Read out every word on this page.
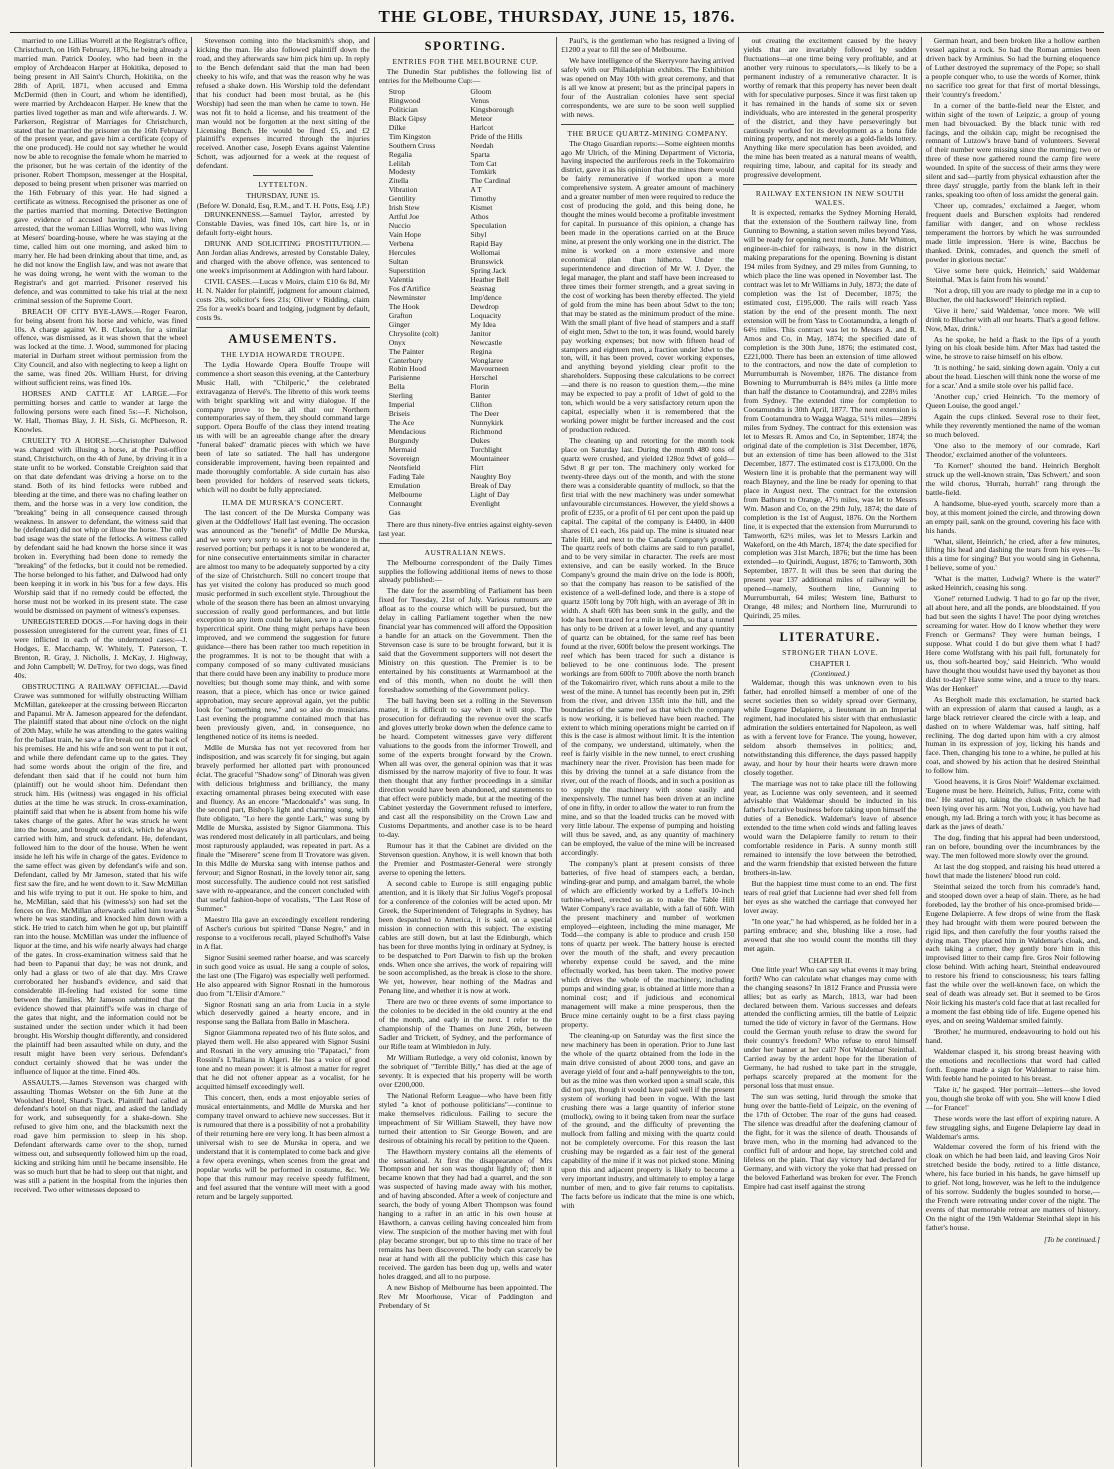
THE GLOBE, THURSDAY, JUNE 15, 1876.

married to one Lillias Worrell at the Registrar's office, Christchurch, on 16th February, 1876, he being already a married man. Patrick Dooley, who had been in the employ of Archdeacon Harper at Hokitika, deposed to being present in All Saint's Church, Hokitika, on the 28th of April, 1871, when accused and Emma McDermid (then in Court, and whom he identified), were married by Archdeacon Harper. He knew that the parties lived together as man and wife afterwards. J. W. Parkerson, Registrar of Marriages for Christchurch, stated that he married the prisoner on the 16th February of the present year, and gave him a certificate (copy of the one produced). He could not say whether he would now be able to recognise the female whom he married to the prisoner, but he was certain of the identity of the prisoner. Robert Thompson, messenger at the Hospital, deposed to being present when prisoner was married on the 16th February of this year. He had signed a certificate as witness. Recognised the prisoner as one of the parties married that morning. Detective Bettington gave evidence of accused having told him, when arrested, that the woman Lillias Worrell, who was living at Mesers' boarding-house, where he was staying at the time, called him out one morning, and asked him to marry her. He had been drinking about that time, and, as he did not know the English law, and was not aware that he was doing wrong, he went with the woman to the Registrar's and got married. Prisoner reserved his defence, and was committed to take his trial at the next criminal session of the Supreme Court.

BREACH OF CITY BYE-LAWS.—Roger Fearon, for being absent from his horse and vehicle, was fined 10s. A charge against W. B. Clarkson, for a similar offence, was dismissed, as it was shown that the wheel was locked at the time. J. Wood, summoned for placing material in Durham street without permission from the City Council, and also with neglecting to keep a light on the same, was fined 20s. William Hurst, for driving without sufficient reins, was fined 10s.

HORSES AND CATTLE AT LARGE.—For permitting horses and cattle to wander at large the following persons were each fined 5s:—F. Nicholson, W. Hall, Thomas Blay, J. H. Sisls, G. McPherson, R. Knowles.

CRUELTY TO A HORSE.—Christopher Dalwood was charged with illusing a horse, at the Post-office stand, Christchurch, on the 4th of June, by driving it in a state unfit to be worked. Constable Creighton said that on that date defendant was driving a horse on to the stand. Both of its hind fetlocks were rubbed and bleeding at the time, and there was no chafing leather on them, and the horse was in a very low condition, the "breaking" being in all consequence caused through weakness. In answer to defendant, the witness said that he (defendant) did not whip or illuse the horse. The only bad usage was the state of the fetlocks. A witness called by defendant said he had known the horse since it was broken in. Everything had been done to remedy the "breaking" of the fetlocks, but it could not be remedied. The horse belonged to his father, and Dalwood had only been keeping it in work in his 'bus for a few days. His Worship said that if no remedy could be effected, the horse must not be worked in its present state. The case would be dismissed on payment of witness's expenses.

UNREGISTERED DOGS.—For having dogs in their possession unregistered for the current year, fines of £1 were inflicted in each of the undernoted cases:—J. Hodges, E. Macchamp, W. Whitely, T. Paterson, T. Brenton, R. Gray, J. Nicholls, J. McKay, J. Highway, and John Campbell; W. DeTroy, for two dogs, was fined 40s.

OBSTRUCTING A RAILWAY OFFICIAL.—David Crawe was summoned for wilfully obstructing William McMillan, gatekeeper at the crossing between Riccarton and Papanui. Mr A. Jameson appeared for the defendant. The plaintiff stated that about nine o'clock on the night of 20th May, while he was attending to the gates waiting for the ballast train, he saw a fire break out at the back of his premises. He and his wife and son went to put it out, and while there defendant came up to the gates. They had some words about the origin of the fire, and defendant then said that if he could not burn him (plaintiff) out he would shoot him. Defendant then struck him. His (witness) was engaged in his official duties at the time he was struck. In cross-examination, plaintiff said that when he is absent from home his wife takes charge of the gates. After he was struck he went into the house, and brought out a stick, which he always carried with him, and struck defendant. He, defendant, followed him to the door of the house. When he went inside he left his wife in charge of the gates. Evidence to the same effect was given by defendant's wife and son. Defendant, called by Mr Jameson, stated that his wife first saw the fire, and he went down to it. Saw McMillan and his wife trying to put it out. He spoke to him, and he, McMillan, said that his (witness's) son had set the fences on fire. McMillan afterwards called him towards where he was standing, and knocked him down with a stick. He tried to catch him when he got up, but plaintiff ran into the house. McMillan was under the influence of liquor at the time, and his wife nearly always had charge of the gates. In cross-examination witness said that he had been to Papanui that day; he was not drunk, and only had a glass or two of ale that day. Mrs Crawe corroborated her husband's evidence, and said that considerable ill-feeling had existed for some time between the families. Mr Jameson submitted that the evidence showed that plaintiff's wife was in charge of the gates that night, and the information could not be sustained under the section under which it had been brought. His Worship thought differently, and considered the plaintiff had been assaulted while on duty, and the result might have been very serious. Defendant's conduct certainly showed that he was under the influence of liquor at the time. Fined 40s.

ASSAULTS.—James Stevenson was charged with assaulting Thomas Webster on the 6th June at the Woolshed Hotel, Shand's Track. Plaintiff had called at defendant's hotel on that night, and asked the landlady for work, and subsequently for a shake-down. She refused to give him one, and the blacksmith next the road gave him permission to sleep in his shop. Defendant afterwards came over to the shop, turned witness out, and subsequently followed him up the road, kicking and striking him until he became insensible. He was so much hurt that he had to sleep out that night, and was still a patient in the hospital from the injuries then received. Two other witnesses deposed to

Stevenson coming into the blacksmith's shop, and kicking the man. He also followed plaintiff down the road, and they afterwards saw him pick him up. In reply to the Bench defendant said that the man had been cheeky to his wife, and that was the reason why he was refused a shake down. His Worship told the defendant that his conduct had been most brutal, as he (his Worship) had seen the man when he came to town. He was not fit to hold a license, and his treatment of the man would not be forgotten at the next sitting of the Licensing Bench. He would be fined £5, and £2 plaintiff's expenses incurred through the injuries received. Another case, Joseph Evans against Valentine Schott, was adjourned for a week at the request of defendant.

LYTTELTON.
THURSDAY, JUNE 15.
(Before W. Donald, Esq, R.M., and T. H. Potts, Esq, J.P.)

DRUNKENNESS.—Samuel Taylor, arrested by Constable Davies, was fined 10s, cart hire 1s, or in default forty-eight hours.

DRUNK AND SOLICITING PROSTITUTION.—Ann Jordan alias Andrews, arrested by Constable Daley, and charged with the above offence, was sentenced to one week's imprisonment at Addington with hard labour.

CIVIL CASES.—Lucas v Moirs, claim £10 6s 8d, Mr H. N. Nalder for plaintiff, judgment for amount claimed, costs 20s, solicitor's fees 21s; Oliver v Ridding, claim 25s for a week's board and lodging, judgment by default, costs 9s.

AMUSEMENTS.
THE LYDIA HOWARDE TROUPE.

The Lydia Howarde Opera Bouffe Troupe will commence a short season this evening, at the Canterbury Music Hall, with "Chilperic," the celebrated extravaganza of Hervé's. The libretto of this work teems with bright sparkling wit and witty dialogue. If the company prove to be all that our Northern contemporaries say of them, they should command large support. Opera Bouffe of the class they intend treating us with will be an agreeable change after the dreary "funeral baked" dramatic pieces with which we have been of late so satiated. The hall has undergone considerable improvement, having been repainted and made thoroughly comfortable. A side curtain has also been provided for holders of reserved seats tickets, which will no doubt be fully appreciated.

ILMA DE MURSKA'S CONCERT.

The last concert of the De Murska Company was given at the Oddfellows' Hall last evening. The occasion was announced as the "benefit" of Mdlle De Murska, and we were very sorry to see a large attendance in the reserved portion; but perhaps it is not to be wondered at, for nine consecutive entertainments similar in character are almost too many to be adequately supported by a city of the size of Christchurch. Still no concert troupe that has yet visited the colony has produced so much good music performed in such excellent style. Throughout the whole of the season there has been an almost unvarying succession of really good performances, and but little exception to any item could be taken, save in a captious hypercritical spirit. One thing might perhaps have been improved, and we commend the suggestion for future guidance—there has been rather too much repetition in the programmes. It is not to be thought that with a company composed of so many cultivated musicians that there could have been any inability to produce more novelties; but though some may think, and with some reason, that a piece, which has once or twice gained approbation, may secure approval again, yet the public look for "something new," and so also do musicians. Last evening the programme contained much that has been previously given, and, in consequence, no lengthened notice of its items is needed.

Mdlle de Murska has not yet recovered from her indisposition, and was scarcely fit for singing, but again bravely performed her allotted part with pronounced éclat. The graceful "Shadow song" of Dinorah was given with delicious brightness and brilliancy, the many exacting ornamental phrases being executed with ease and fluency. As an encore "Macdonald's" was sung. In the second part, Bishop's light and charming song, with flute obligato, "Lo here the gentle Lark," was sung by Mdlle de Murska, assisted by Signor Giammona. This was rendered most delicately in all particulars, and being most rapturously applauded, was repeated in part. As a finale the "Miserere" scene from Il Trovatore was given. In this Mdlle de Murska sang with intense pathos and fervour; and Signor Rosnati, in the lovely tenor air, sang most successfully. The audience could not rest satisfied save with re-appearance, and the concert concluded with that useful fashion-hope of vocalists, "The Last Rose of Summer."

Maestro Illa gave an exceedingly excellent rendering of Ascher's curious but spirited "Danse Negre," and in response to a vociferous recall, played Schulhoff's Valse in A flat.

Signor Susini seemed rather hoarse, and was scarcely in such good voice as usual. He sang a couple of solos, the last one (The Figaro) was especially well performed. He also appeared with Signor Rosnati in the humorous duo from "L'Elisir d'Amore."

Signor Rosnati sang an aria from Lucia in a style which deservedly gained a hearty encore, and in response sang the Ballata from Ballo in Maschera.

Signor Giammona repeated two of his flute solos, and played them well. He also appeared with Signor Susini and Rosnati in the very amusing trio "Papataci," from Rossini's L'Italiana in Algeri. He has a voice of good tone and no mean power: it is almost a matter for regret that he did not oftener appear as a vocalist, for he acquitted himself exceedingly well.

This concert, then, ends a most enjoyable series of musical entertainments, and Mdlle de Murska and her company travel onward to achieve new successes. But it is rumoured that there is a possibility of not a probability of their returning here ere very long. It has been almost a universal wish to see de Murska in opera, and we understand that it is contemplated to come back and give a few opera evenings, when scenes from the great and popular works will be performed in costume, &c. We hope that this rumour may receive speedy fulfilment, and feel assured that the venture will meet with a good return and be largely supported.

SPORTING.
ENTRIES FOR THE MELBOURNE CUP.

The Dunedin Star publishes the following list of entries for the Melbourne Cup:—

Strop
Ringwood
Politician
Black Gipsy
Dilke
Tim Kingston
Southern Cross
Regalia
Lelilah
Modesty
Zitella
Vibration
Gentility
Irish Stew
Artful Joe
Nuccio
Vain Hope
Verbena
Hercules
Sultan
Superstition
Valentia
Fos d'Artifice
Newminster
The Hook
Grafton
Ginger
Chrysolite (colt)
Onyx
The Painter
Canterbury
Robin Hood
Parisienne
Bella
Sterling
Imperial
Briseis
The Ace
Mendacious
Burgundy
Mermaid
Sovereign
Neotsfield
Fading Tale
Emulation
Melbourne
Connaught
Gas
Gloom
Venus
Kingsborough
Meteor
Harlcot
Pride of the Hills
Needah
Sparta
Tom Cat
Tomkirk
The Cardinal
A T
Timothy
Kismet
Athos
Speculation
Sibyl
Rapid Bay
Wollomai
Brunswick
Spring Jack
Heather Bell
Seasnag
Imp'dence
Dewdrop
Loquacity
My Idea
Janitor
Newcastle
Regina
Wonglaree
Mavourneen
Herschel
Florin
Banter
Clifton
The Deer
Nunnykirk
Richmond
Dukes
Torchlight
Mountaineer
Flirt
Naughty Boy
Break of Day
Light of Day
Evenlight

There are thus ninety-five entries against eighty-seven last year.

AUSTRALIAN NEWS.

The Melbourne correspondent of the Daily Times supplies the following additional items of news to those already published:—

The date for the assembling of Parliament has been fixed for Tuesday, 21st of July. Various rumours are afloat as to the course which will be pursued, but the delay in calling Parliament together when the new financial year has commenced will afford the Opposition a handle for an attack on the Government. Then the Stevenson case is sure to be brought forward, but it is said that the Government supporters will not desert the Ministry on this question. The Premier is to be entertained by his constituents at Warrnambool at the end of this month, when no doubt he will then foreshadow something of the Government policy.

The ball having been set a rolling in the Stevenson matter, it is difficult to say when it will stop. The prosecution for defrauding the revenue over the scarfs and gloves utterly broke down when the defence came to be heard. Competent witnesses gave very different valuations to the goods from the informer Trowell, and some of the experts brought forward by the Crown. When all was over, the general opinion was that it was dismissed by the narrow majority of five to four. It was then thought that any further proceedings in a similar direction would have been abandoned, and statements to that effect were publicly made, but at the meeting of the Cabinet yesterday the Government refused to interfere, and cast all the responsibility on the Crown Law and Customs Departments, and another case is to be heard to-day.

Rumour has it that the Cabinet are divided on the Stevenson question. Anyhow, it is well known that both the Premier and Postmaster-General were strongly averse to opening the letters.

A second cable to Europe is still engaging public attention, and it is likely that Sir Julius Vogel's proposal for a conference of the colonies will be acted upon. Mr Greek, the Superintendent of Telegraphs in Sydney, has been despatched to America, it is said, on a special mission in connection with this subject. The existing cables are still down, but at last the Edinburgh, which has been for three months lying in ordinary at Sydney, is to be despatched to Port Darwin to fish up the broken ends. When once she arrives, the work of repairing will be soon accomplished, as the break is close to the shore. We yet, however, hear nothing of the Madras and Penang line, and whether it is now at work.

There are two or three events of some importance to the colonies to be decided in the old country at the end of the month, and early in the next. I refer to the championship of the Thames on June 26th, between Sadler and Trickett, of Sydney, and the performance of our Rifle team at Wimbledon in July.

Mr William Rutledge, a very old colonist, known by the sobriquet of "Terrible Billy," has died at the age of seventy. It is expected that his property will be worth over £200,000.

The National Reform League—who have been fitly styled "a knot of pothouse politicians"—continue to make themselves ridiculous. Failing to secure the impeachment of Sir William Stawell, they have now turned their attention to Sir George Bowen, and are desirous of obtaining his recall by petition to the Queen.

The Hawthorn mystery contains all the elements of the sensational. At first the disappearance of Mrs Thompson and her son was thought lightly of; then it became known that they had had a quarrel, and the son was suspected of having made away with his mother, and of having absconded. After a week of conjecture and search, the body of young Albert Thompson was found hanging to a rafter in an attic in his own house at Hawthorn, a canvas ceiling having concealed him from view. The suspicion of the mother having met with foul play became stronger, but up to this time no trace of her remains has been discovered. The body can scarcely be near at hand with all the publicity which this case has received. The garden has been dug up, wells and water holes dragged, and all to no purpose.

A new Bishop of Melbourne has been appointed. The Rev Mr Moorhouse, Vicar of Paddington and Prebendary of St

Paul's, is the gentleman who has resigned a living of £1200 a year to fill the see of Melbourne.

We have intelligence of the Skerryvore having arrived safely with our Philadelphian exhibits. The Exhibition was opened on May 10th with great ceremony, and that is all we know at present; but as the principal papers in four of the Australian colonies have sent special correspondents, we are sure to be soon well supplied with news.

THE BRUCE QUARTZ-MINING COMPANY.

The Otago Guardian reports:—Some eighteen months ago Mr Ulrich, of the Mining Department of Victoria, having inspected the auriferous reefs in the Tokomairiro district, gave it as his opinion that the mines there would be fairly remunerative if worked upon a more comprehensive system. A greater amount of machinery and a greater number of men were required to reduce the cost of producing the gold, and this being done, he thought the mines would become a profitable investment for capital. In pursuance of this opinion, a change has been made in the operations carried on at the Bruce mine, at present the only working one in the district. The mine is worked on a more extensive and more economical plan than hitherto. Under the superintendence and direction of Mr W. J. Dyer, the legal manager, the plant and staff have been increased to three times their former strength, and a great saving in the cost of working has been thereby effected. The yield of gold from the mine has been about 5dwt to the ton; that may be stated as the minimum product of the mine. With the small plant of five head of stampers and a staff of eight men, 5dwt to the ton, it was found, would barely pay working expenses; but now with fifteen head of stampers and eighteen men, a fraction under 3dwt to the ton, will, it has been proved, cover working expenses, and anything beyond yielding clear profit to the shareholders. Supposing these calculations to be correct—and there is no reason to question them,—the mine may be expected to pay a profit of 1dwt of gold to the ton, which would be a very satisfactory return upon the capital, especially when it is remembered that the working power might be further increased and the cost of production reduced.

The cleaning up and retorting for the month took place on Saturday last. During the month 480 tons of quartz were crushed, and yielded 128oz 9dwt of gold—5dwt 8 gr per ton. The machinery only worked for twenty-three days out of the month, and with the stone there was a considerable quantity of mullock, so that the first trial with the new machinery was under somewhat unfavourable circumstances. However, the yield shows a profit of £235, or a profit of 61 per cent upon the paid up capital. The capital of the company is £4400, in 4400 shares of £1 each, 16s paid up. The mine is situated near Table Hill, and next to the Canada Company's ground. The quartz reefs of both claims are said to run parallel, and to be very similar in character. The reefs are most extensive, and can be easily worked. In the Bruce Company's ground the main drive on the lode is 800ft, so that the company has reason to be satisfied of the existence of a well-defined lode, and there is a stope of quartz 150ft long by 70ft high, with an average of 3ft in width. A shaft 60ft has been sunk in the gully, and the lode has been traced for a mile in length, so that a tunnel has only to be driven at a lower level, and any quantity of quartz can be obtained, for the same reef has been found at the river, 600ft below the present workings. The reef which has been traced for such a distance is believed to be one continuous lode. The present workings are from 600ft to 700ft above the north branch of the Tokomairiro river, which runs about a mile to the west of the mine. A tunnel has recently been put in, 29ft from the river, and driven 135ft into the hill, and the boundaries of the same reef as that which the company is now working, it is believed have been reached. The extent to which mining operations might be carried on if this is the case is almost without limit. It is the intention of the company, we understand, ultimately, when the reef is fairly visible in the new tunnel, to erect crushing machinery near the river. Provision has been made for this by driving the tunnel at a safe distance from the river, out of the reach of floods, and in such a position as to supply the machinery with stone easily and inexpensively. The tunnel has been driven at an incline of one in fifty, in order to allow the water to run from the mine, and so that the loaded trucks can be moved with very little labour. The expense of pumping and hoisting will thus be saved, and, as any quantity of machinery can be employed, the value of the mine will be increased accordingly.

The company's plant at present consists of three batteries, of five head of stampers each, a berdan, winding-gear and pump, and amalgam barrel, the whole of which are efficiently worked by a Leffel's 10-inch turbine-wheel, erected so as to make the Table Hill Water Company's race available, with a fall of 60ft. With the present machinery and number of workmen employed—eighteen, including the mine manager, Mr Todd—the company is able to produce and crush 150 tons of quartz per week. The battery house is erected over the mouth of the shaft, and every precaution whereby expense could be saved, and the mine effectually worked, has been taken. The motive power which drives the whole of the machinery, including pumps and winding gear, is obtained at little more than a nominal cost; and if judicious and economical management will make a mine prosperous, then the Bruce mine certainly ought to be a first class paying property.

The cleaning-up on Saturday was the first since the new machinery has been in operation. Prior to June last the whole of the quartz obtained from the lode in the main drive consisted of about 2000 tons, and gave an average yield of four and a-half pennyweights to the ton, but as the mine was then worked upon a small scale, this did not pay, though it would have paid well if the present system of working had been in vogue. With the last crushing there was a large quantity of inferior stone (mullock), owing to it being taken from near the surface of the ground, and the difficulty of preventing the mullock from falling and mixing with the quartz could not be completely overcome. For this reason the last crushing may be regarded as a fair test of the general capability of the mine if it was not picked stone. Mining upon this and adjacent property is likely to become a very important industry, and ultimately to employ a large number of men, and to give fair returns to capitalists. The facts before us indicate that the mine is one which, with

out creating the excitement caused by the heavy yields that are invariably followed by sudden fluctuations—at one time being very profitable, and at another very ruinous to speculators,—is likely to be a permanent industry of a remunerative character. It is worthy of remark that this property has never been dealt with for speculative purposes. Since it was first taken up it has remained in the hands of some six or seven individuals, who are interested in the general prosperity of the district, and they have perseveringly but cautiously worked for its development as a bona fide mining property, and not merely as a gold-fields lottery. Anything like mere speculation has been avoided, and the mine has been treated as a natural means of wealth, requiring time, labour, and capital for its steady and progressive development.

RAILWAY EXTENSION IN NEW SOUTH WALES.

It is expected, remarks the Sydney Morning Herald, that the extension of the Southern railway line, from Gunning to Bowning, a station seven miles beyond Yass, will be ready for opening next month, June. Mr Whitton, engineer-in-chief for railways, is now in the district making preparations for the opening. Bowning is distant 194 miles from Sydney, and 29 miles from Gunning, to which place the line was opened in November last. The contract was let to Mr Williams in July, 1873; the date of completion was the 1st of December, 1875; the estimated cost, £195,000. The rails will reach Yass station by the end of the present month. The next extension will be from Yass to Cootamundra, a length of 64½ miles. This contract was let to Messrs A. and R. Amos and Co, in May, 1874; the specified date of completion is the 30th June, 1876; the estimated cost, £221,000. There has been an extension of time allowed to the contractors, and now the date of completion to Murrumburrah is November, 1876. The distance from Bowning to Murrumburrah is 84½ miles (a little more than half the distance to Cootamundra), and 228½ miles from Sydney. The extended time for completion to Cootamundra is 30th April, 1877. The next extension is from Cootamundra to Wagga Wagga, 51¼ miles—289¾ miles from Sydney. The contract for this extension was let to Messrs R. Amos and Co, in September, 1874; the original date of the completion is 31st December, 1876, but an extension of time has been allowed to the 31st December, 1877. The estimated cost is £173,000. On the Western line it is probable that the permanent way will reach Blayney, and the line be ready for opening to that place in August next. The contract for the extension from Bathurst to Orange, 47½ miles, was let to Messrs Wm. Mason and Co, on the 29th July, 1874; the date of completion is the 1st of August, 1876. On the Northern line, it is expected that the extension from Murrurundi to Tamworth, 62½ miles, was let to Messrs Larkin and Wakeford, on the 4th March, 1874; the date specified for completion was 31st March, 1876; but the time has been extended—to Quirindi, August, 1876; to Tamworth, 30th September, 1877. It will thus be seen that during the present year 137 additional miles of railway will be opened—namely, Southern line, Gunning to Murrumburrah, 64 miles; Western line, Bathurst to Orange, 48 miles; and Northern line, Murrurundi to Quirindi, 25 miles.

LITERATURE.
STRONGER THAN LOVE.
CHAPTER I.
(Continued.)

Waldemar, though this was unknown even to his father, had enrolled himself a member of one of the secret societies then so widely spread over Germany, while Eugene Delapierre, a lieutenant in an Imperial regiment, had inoculated his sister with that enthusiastic admiration the soldiers entertained for Napoleon, as well as with a fervent love for France. The young, however, seldom absorb themselves in politics; and, notwithstanding this difference, the days passed happily away, and hour by hour their hearts were drawn more closely together.

The marriage was not to take place till the following year, as Lucienne was only seventeen, and it seemed advisable that Waldemar should be inducted in his father's lucrative business before taking upon himself the duties of a Benedick. Waldemar's leave of absence extended to the time when cold winds and falling leaves would warn the Delapierre family to return to their comfortable residence in Paris. A sunny month still remained to intensify the love between the betrothed, and the warm friendship that existed between the future brothers-in-law.

But the happiest time must come to an end. The first tears of real grief that Lucienne had ever shed fell from her eyes as she watched the carriage that conveyed her lover away.

"In one year," he had whispered, as he folded her in a parting embrace; and she, blushing like a rose, had avowed that she too would count the months till they met again.

CHAPTER II.

One little year! Who can say what events it may bring forth? Who can calculate what changes may come with the changing seasons? In 1812 France and Prussia were allies; but as early as March, 1813, war had been declared between them. Various successes and defeats attended the conflicting armies, till the battle of Leipzic turned the tide of victory in favor of the Germans. How could the German youth refuse to draw the sword for their country's freedom? Who refuse to enrol himself under her banner at her call? Not Waldemar Steinthal. Carried away by the ardent hope for the liberation of Germany, he had rushed to take part in the struggle, perhaps scarcely prepared at the moment for the personal loss that must ensue.

The sun was setting, lurid through the smoke that hung over the battle-field of Leipzic, on the evening of the 17th of October. The roar of the guns had ceased. The silence was dreadful after the deafening clamour of the fight, for it was the silence of death. Thousands of brave men, who in the morning had advanced to the conflict full of ardour and hope, lay stretched cold and lifeless on the plain. That day victory had declared for Germany, and with victory the yoke that had pressed on the beloved Fatherland was broken for ever. The French Empire had cast itself against the strong

German heart, and been broken like a hollow earthen vessel against a rock. So had the Roman armies been driven back by Arminius. So had the burning eloquence of Luther destroyed the supremacy of the Pope; so shall a people conquer who, to use the words of Korner, think no sacrifice too great for that first of mortal blessings, their 'country's freedom.'

In a corner of the battle-field near the Elster, and within sight of the town of Leipzic, a group of young men had bivouacked. By the black tunic with red facings, and the oilskin cap, might be recognised the remnant of Lutzow's brave band of volunteers. Several of their number were missing since the morning; two or three of these now gathered round the camp fire were wounded. In spite of the success of their arms they were silent and sad—partly from physical exhaustion after the three days' struggle, partly from the blank left in their ranks, speaking too often of loss amidst the general gain.

'Cheer up, comrades,' exclaimed a Jaeger, whom frequent duels and Burschen exploits had rendered familiar with danger, and on whose reckless temperament the horrors by which he was surrounded made little impression. 'Here is wine, Bacchus be thanked. Drink, comrades, and quench the smell of powder in glorious nectar.'

'Give some here quick, Heinrich,' said Waldemar Steinthal. 'Max is faint from his wound.'

'Not a drop, till you are ready to pledge me in a cup to Blucher, the old hacksword!' Heinrich replied.

'Give it here,' said Waldemar, 'once more. 'We will drink to Blucher with all our hearts. That's a good fellow. Now, Max, drink.'

As he spoke, he held a flask to the lips of a youth lying on his cloak beside him. After Max had tasted the wine, he strove to raise himself on his elbow.

'It is nothing,' he said, sinking down again. 'Only a cut about the head. Lieschen will think none the worse of me for a scar.' And a smile stole over his pallid face.

'Another cup,' cried Heinrich. 'To the memory of Queen Louise, the good angel.'

Again the cups clinked. Several rose to their feet, while they reverently mentioned the name of the woman so much beloved.

'One also to the memory of our comrade, Karl Theodor,' exclaimed another of the volunteers.

'To Korner!' shouted the band. Heinrich Bergholt struck up the well-known strain, 'Das Schwert,' and soon the wild chorus, 'Hurrah, hurrah!' rang through the battle-field.

A handsome, blue-eyed youth, scarcely more than a boy, at this moment joined the circle, and throwing down an empty pail, sank on the ground, covering his face with his hands.

'What, silent, Heinrich,' he cried, after a few minutes, lifting his head and dashing the tears from his eyes—'Is this a time for singing? But you would sing in Gehenna, I believe, some of you.'

'What is the matter, Ludwig? Where is the water?' asked Heinrich, ceasing his song.

'Gone!' returned Ludwig. 'I had to go far up the river, all about here, and all the ponds, are bloodstained. If you had but seen the sights I have! The poor dying wretches screaming for water. How do I know whether they were French or Germans? They were human beings, I suppose. What could I do but give them what I had? Here come Wolfstang with his pail full, fortunately for us, thou soft-hearted boy,' said Heinrich. 'Who would have thought thou wouldst have used thy bayonet as thou didst to-day? Have some wine, and a truce to thy tears. Was der Henker!'

As Bergholt made this exclamation, he started back with an expression of alarm that caused a laugh, as a large black retriever cleared the circle with a leap, and dashed on to where Waldemar was, half sitting, half reclining. The dog darted upon him with a cry almost human in its expression of joy, licking his hands and face. Then, changing his tone to a whine, he pulled at his coat, and showed by his action that he desired Steinthal to follow him.

'Good heavens, it is Gros Noir!' Waldemar exclaimed. 'Eugene must be here. Heinrich, Julius, Fritz, come with me.' He started up, taking the cloak on which he had been lying over his arm. 'Not you, Ludwig, you have had enough, my lad. Bring a torch with you; it has become as dark as the jaws of death.'

The dog, finding that his appeal had been understood, ran on before, bounding over the incumbrances by the way. The men followed more slowly over the ground.

At last the dog stopped, and raising his head uttered a howl that made the listeners' blood run cold.

Steinthal seized the torch from his comrade's hand, and stooped down over a heap of slain. There, as he had foreboded, lay the brother of his once-promised bride—Eugene Delapierre. A few drops of wine from the flask they had brought with them were poured between the rigid lips, and then carefully the four youths raised the dying man. They placed him in Waldemar's cloak, and, each taking a corner, they gently bore him in this improvised litter to their camp fire. Gros Noir following close behind. With aching heart, Steinthal endeavoured to restore his friend to consciousness; his tears falling fast the while over the well-known face, on which the seal of death was already set. But it seemed to be Gros Noir licking his master's cold face that at last recalled for a moment the fast ebbing tide of life. Eugene opened his eyes, and on seeing Waldemar smiled faintly.

'Brother,' he murmured, endeavouring to hold out his hand.

Waldemar clasped it, his strong breast heaving with the emotions and recollections that word had called forth. Eugene made a sign for Waldemar to raise him. With feeble hand he pointed to his breast.

'Take it,' he gasped. 'Her portrait—letters—she loved you, though she broke off with you. She will know I died—for France!'

These words were the last effort of expiring nature. A few struggling sighs, and Eugene Delapierre lay dead in Waldemar's arms.

Waldemar covered the form of his friend with the cloak on which he had been laid, and leaving Gros Noir stretched beside the body, retired to a little distance, where, his face buried in his hands, he gave himself up to grief. Not long, however, was he left to the indulgence of his sorrow. Suddenly the bugles sounded to horse,—the French were retreating under cover of the night. The events of that memorable retreat are matters of history. On the night of the 19th Waldemar Steinthal slept in his father's house.

[To be continued.]
